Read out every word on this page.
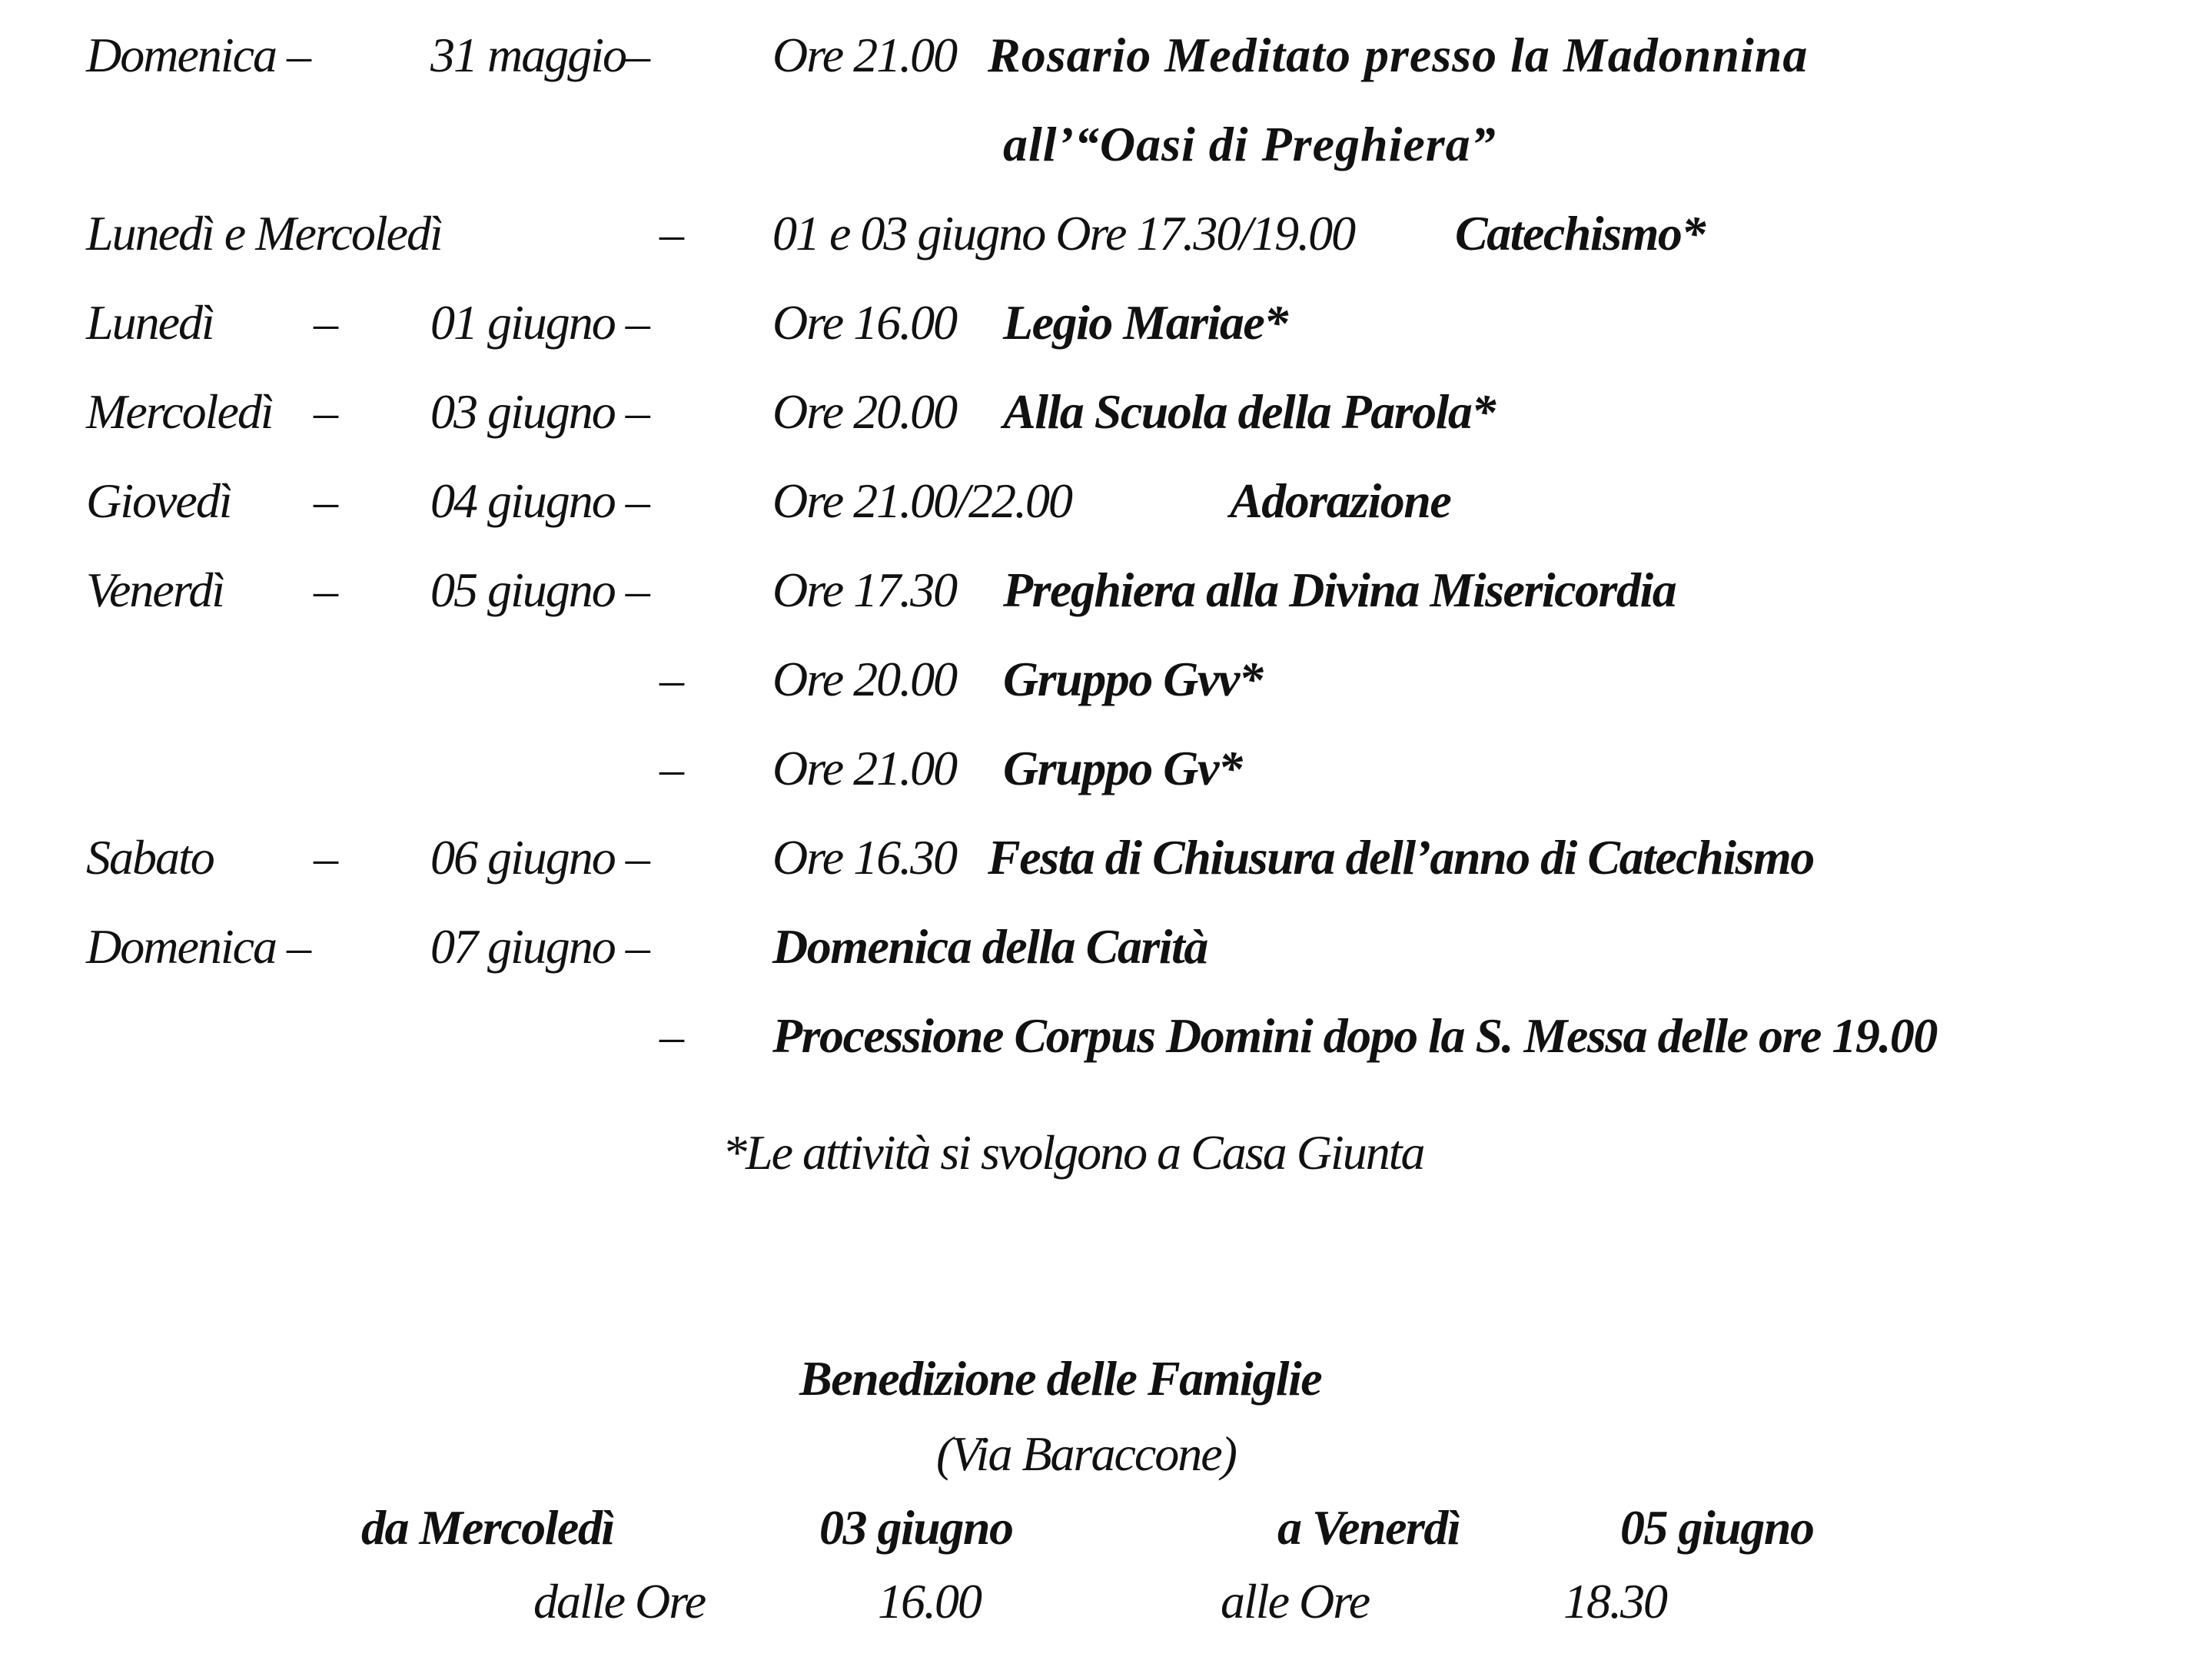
Domenica – 31 maggio–	Ore 21.00 Rosario Meditato presso la Madonnina
all’“Oasi di Preghiera”
Lunedì e Mercoledì	– 01 e 03 giugno Ore 17.30/19.00 Catechismo*
Lunedì – 01 giugno –	Ore 16.00 Legio Mariae*
Mercoledì – 03 giugno –	Ore 20.00 Alla Scuola della Parola*
Giovedì – 04 giugno –	Ore 21.00/22.00	Adorazione
Venerdì – 05 giugno –	Ore 17.30 Preghiera alla Divina Misericordia
– Ore 20.00 Gruppo Gvv*
– Ore 21.00 Gruppo Gv*
Sabato – 06 giugno –	Ore 16.30 Festa di Chiusura dell’anno di Catechismo
Domenica – 07 giugno –	Domenica della Carità
– Processione Corpus Domini dopo la S. Messa delle ore 19.00
*Le attività si svolgono a Casa Giunta
Benedizione delle Famiglie
(Via Baraccone)
da Mercoledì	03 giugno	a Venerdì	05 giugno
dalle Ore	16.00	alle Ore	18.30
